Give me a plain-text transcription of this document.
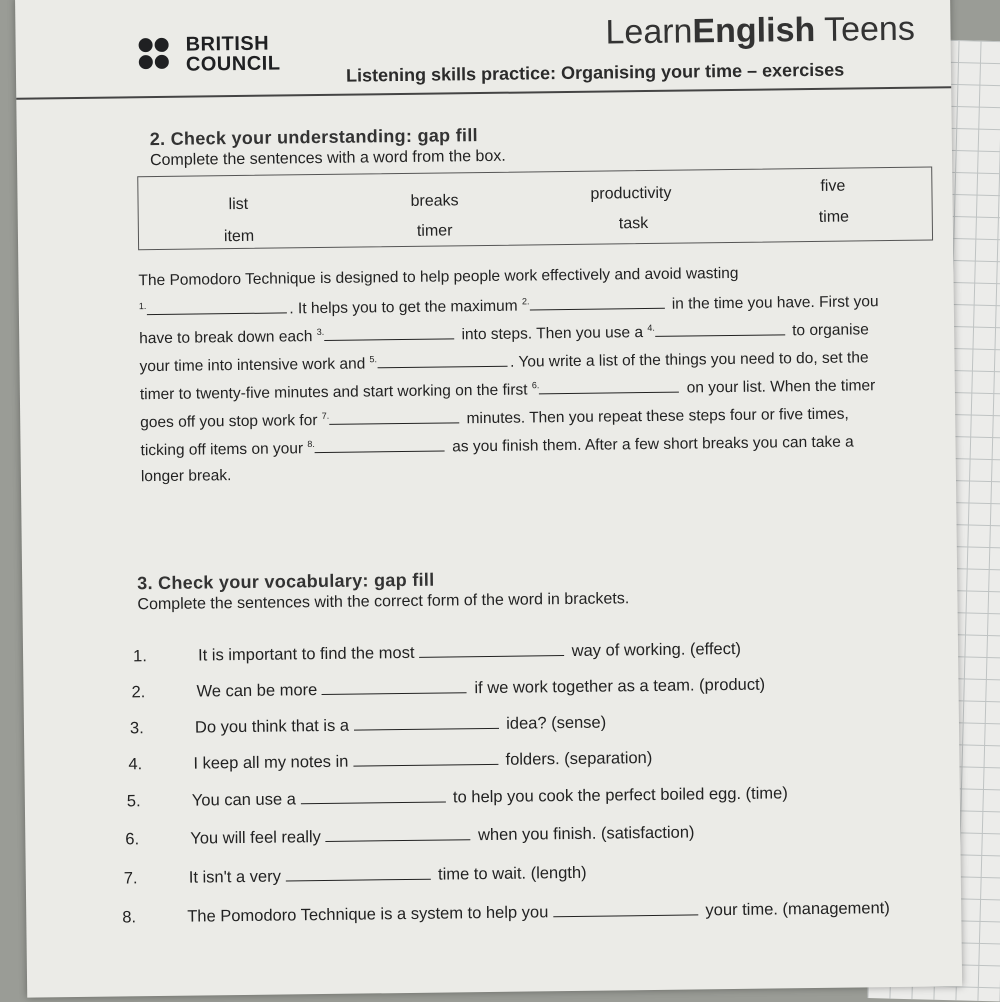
BRITISH
COUNCIL
LearnEnglish Teens
Listening skills practice: Organising your time – exercises
2. Check your understanding: gap fill
Complete the sentences with a word from the box.
list	breaks	productivity	five
item	timer	task	time
The Pomodoro Technique is designed to help people work effectively and avoid wasting
$^{1.}$	. It helps you to get the maximum $^{2.}$	in the time you have. First you
have to break down each $^{3.}$	into steps. Then you use a $^{4.}$	to organise
your time into intensive work and $^{5.}$	. You write a list of the things you need to do, set the
timer to twenty-five minutes and start working on the first $^{6.}$	on your list. When the timer
goes off you stop work for $^{7.}$	minutes. Then you repeat these steps four or five times,
ticking off items on your $^{8.}$	as you finish them. After a few short breaks you can take a
longer break.
3. Check your vocabulary: gap fill
Complete the sentences with the correct form of the word in brackets.
1.	It is important to find the most	way of working. (effect)
2.	We can be more	if we work together as a team. (product)
3.	Do you think that is a	idea? (sense)
4.	I keep all my notes in	folders. (separation)
5.	You can use a	to help you cook the perfect boiled egg. (time)
6.	You will feel really	when you finish. (satisfaction)
7.	It isn't a very	time to wait. (length)
8.	The Pomodoro Technique is a system to help you	your time. (management)
